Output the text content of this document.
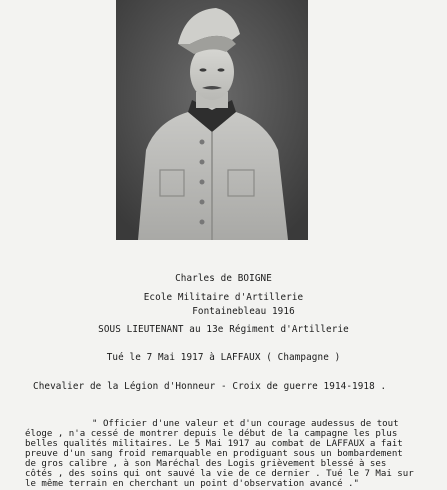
Charles de BOIGNE
Ecole Militaire d'Artillerie
Fontainebleau 1916
SOUS LIEUTENANT au 13e Régiment d'Artillerie
Tué le 7 Mai 1917 à LAFFAUX ( Champagne )
Chevalier de la Légion d'Honneur - Croix de guerre 1914-1918 .
" Officier d'une valeur et d'un courage audessus de tout
éloge , n'a cessé de montrer depuis le début de la campagne les plus
belles qualités militaires. Le 5 Mai 1917 au combat de LAFFAUX a fait
preuve d'un sang froid remarquable en prodiguant sous un bombardement
de gros calibre , à son Maréchal des Logis grièvement blessé à ses
côtés , des soins qui ont sauvé la vie de ce dernier . Tué le 7 Mai sur
le même terrain en cherchant un point d'observation avancé ."
